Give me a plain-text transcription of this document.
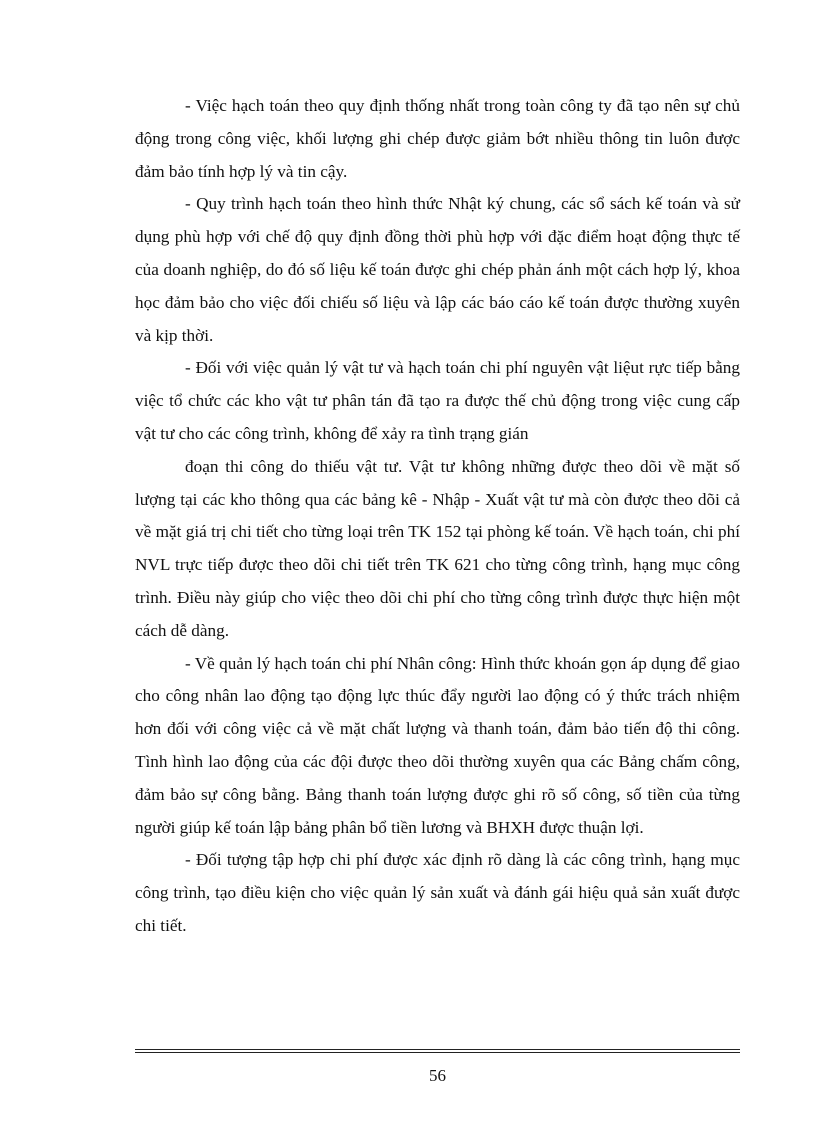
- Việc hạch toán theo quy định thống nhất trong toàn công ty đã tạo nên sự chủ động trong công việc, khối lượng ghi chép được giảm bớt nhiều thông tin luôn được đảm bảo tính hợp lý và tin cậy.

- Quy trình hạch toán theo hình thức Nhật ký chung, các sổ sách kế toán và sử dụng phù hợp với chế độ quy định đồng thời phù hợp với đặc điểm hoạt động thực tế của doanh nghiệp, do đó số liệu kế toán được ghi chép phản ánh một cách hợp lý, khoa học đảm bảo cho việc đối chiếu số liệu và lập các báo cáo kế toán được thường xuyên và kịp thời.

- Đối với việc quản lý vật tư và hạch toán chi phí nguyên vật liệut rực tiếp bằng việc tổ chức các kho vật tư phân tán đã tạo ra được thế chủ động trong việc cung cấp vật tư cho các công trình, không để xảy ra tình trạng gián

đoạn thi công do thiếu vật tư. Vật tư không những được theo dõi về mặt số lượng tại các kho thông qua các bảng kê - Nhập - Xuất vật tư mà còn được theo dõi cả về mặt giá trị chi tiết cho từng loại trên TK 152 tại phòng kế toán. Về hạch toán, chi phí NVL trực tiếp được theo dõi chi tiết trên TK 621 cho từng công trình, hạng mục công trình. Điều này giúp cho việc theo dõi chi phí cho từng công trình được thực hiện một cách dễ dàng.

- Về quản lý hạch toán chi phí Nhân công: Hình thức khoán gọn áp dụng để giao cho công nhân lao động tạo động lực thúc đẩy người lao động có ý thức trách nhiệm hơn đối với công việc cả về mặt chất lượng và thanh toán, đảm bảo tiến độ thi công. Tình hình lao động của các đội được theo dõi thường xuyên qua các Bảng chấm công, đảm bảo sự công bằng. Bảng thanh toán lượng được ghi rõ số công, số tiền của từng người giúp kế toán lập bảng phân bổ tiền lương và BHXH được thuận lợi.

- Đối tượng tập hợp chi phí được xác định rõ dàng là các công trình, hạng mục công trình, tạo điều kiện cho việc quản lý sản xuất và đánh gái hiệu quả sản xuất được chi tiết.

56
